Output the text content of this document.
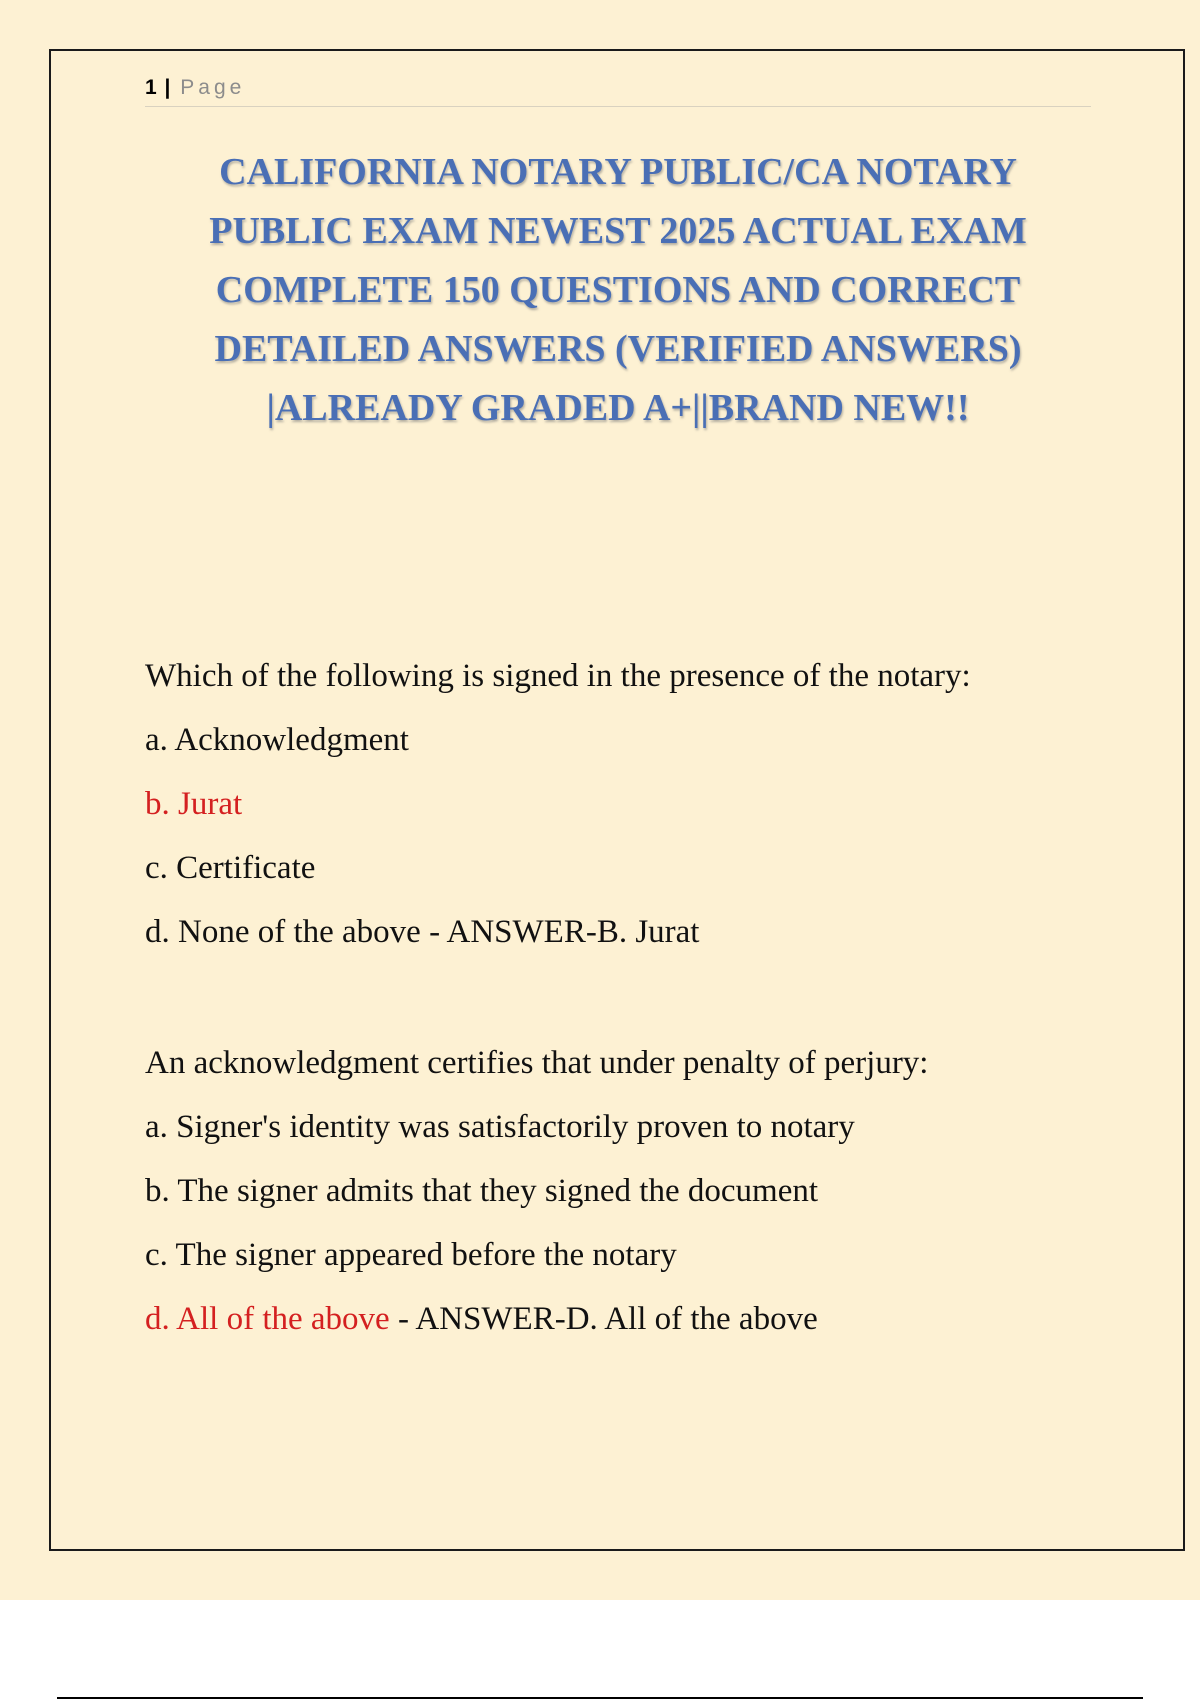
1 | Page
CALIFORNIA NOTARY PUBLIC/CA NOTARY PUBLIC EXAM NEWEST 2025 ACTUAL EXAM COMPLETE 150 QUESTIONS AND CORRECT DETAILED ANSWERS (VERIFIED ANSWERS) |ALREADY GRADED A+||BRAND NEW!!

Which of the following is signed in the presence of the notary:

a. Acknowledgment

b. Jurat

c. Certificate

d. None of the above - ANSWER-B. Jurat

An acknowledgment certifies that under penalty of perjury:

a. Signer's identity was satisfactorily proven to notary

b. The signer admits that they signed the document

c. The signer appeared before the notary

d. All of the above - ANSWER-D. All of the above
